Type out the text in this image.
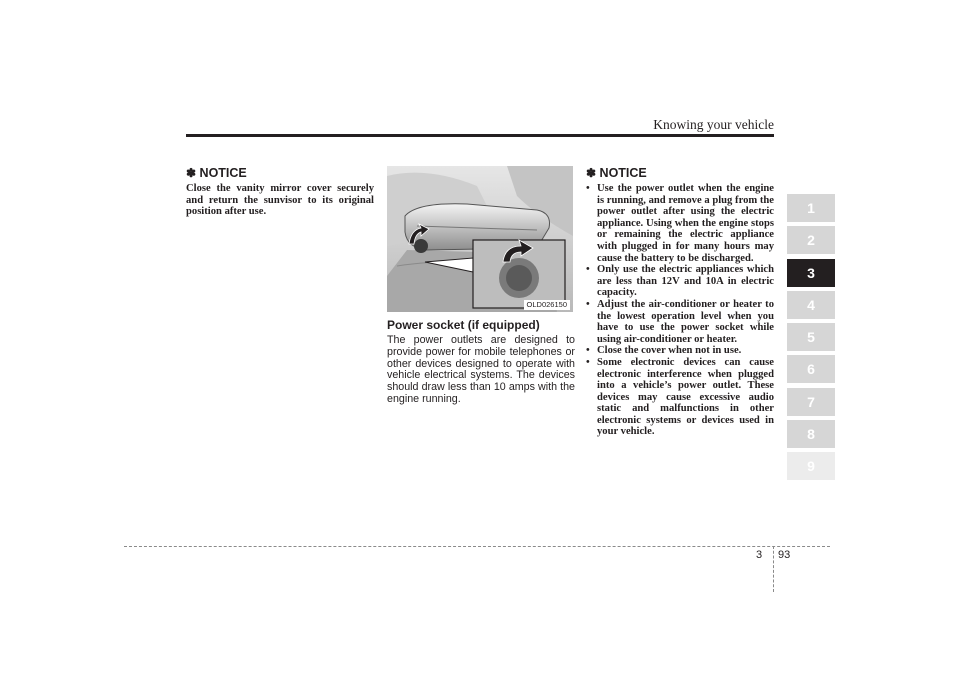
Knowing your vehicle
✽ NOTICE

Close the vanity mirror cover securely and return the sunvisor to its original position after use.

OLD026150
Power socket (if equipped)

The power outlets are designed to provide power for mobile telephones or other devices designed to operate with vehicle electrical systems. The devices should draw less than 10 amps with the engine running.

✽ NOTICE
• Use the power outlet when the engine is running, and remove a plug from the power outlet after using the electric appliance. Using when the engine stops or remaining the electric appliance with plugged in for many hours may cause the battery to be discharged.
• Only use the electric appliances which are less than 12V and 10A in electric capacity.
• Adjust the air-conditioner or heater to the lowest operation level when you have to use the power socket while using air-conditioner or heater.
• Close the cover when not in use.
• Some electronic devices can cause electronic interference when plugged into a vehicle’s power outlet. These devices may cause excessive audio static and malfunctions in other electronic systems or devices used in your vehicle.
1
2
3
4
5
6
7
8
9
3 93
